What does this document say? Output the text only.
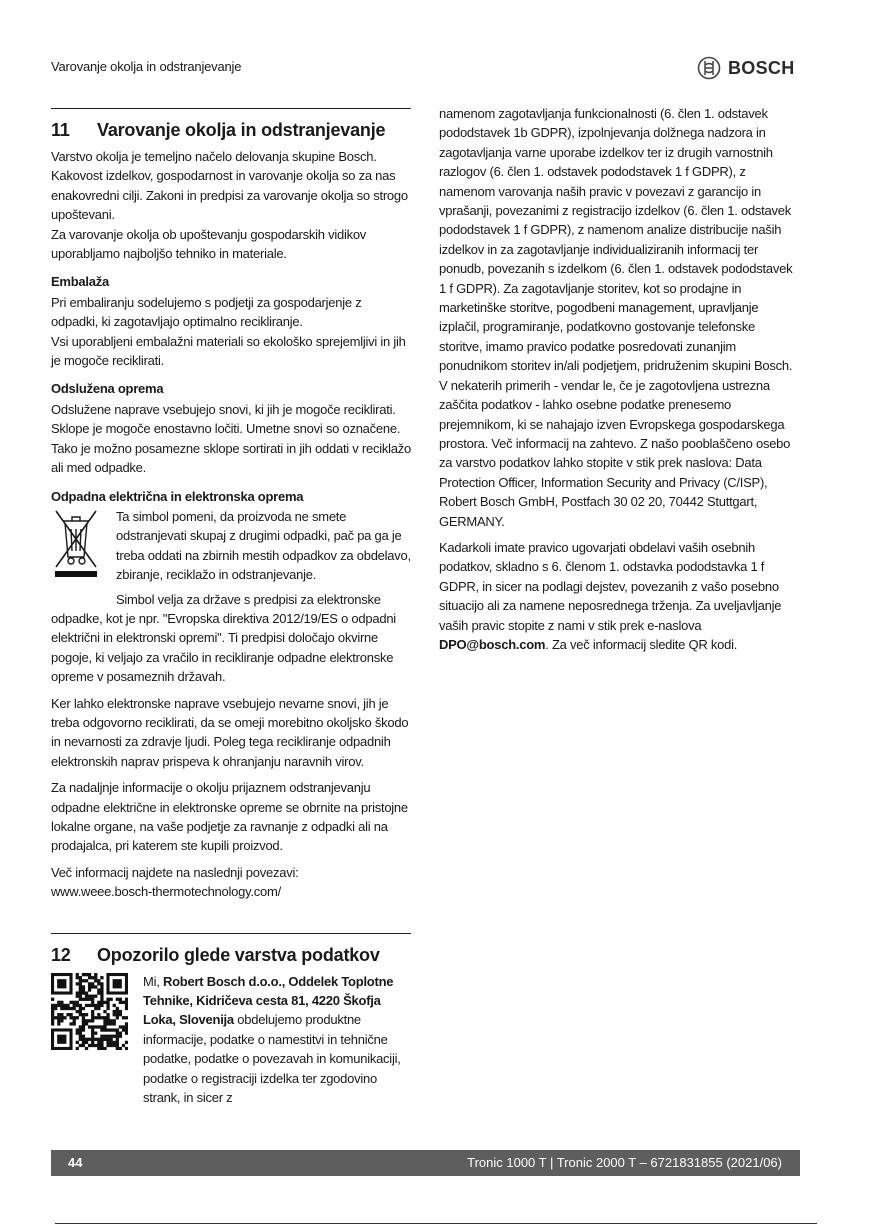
Varovanje okolja in odstranjevanje	BOSCH
11	Varovanje okolja in odstranjevanje

Varstvo okolja je temeljno načelo delovanja skupine Bosch. Kakovost izdelkov, gospodarnost in varovanje okolja so za nas enakovredni cilji. Zakoni in predpisi za varovanje okolja so strogo upoštevani.

Za varovanje okolja ob upoštevanju gospodarskih vidikov uporabljamo najboljšo tehniko in materiale.

Embalaža

Pri embaliranju sodelujemo s podjetji za gospodarjenje z odpadki, ki zagotavljajo optimalno recikliranje.

Vsi uporabljeni embalažni materiali so ekološko sprejemljivi in jih je mogoče reciklirati.

Odslužena oprema

Odslužene naprave vsebujejo snovi, ki jih je mogoče reciklirati. Sklope je mogoče enostavno ločiti. Umetne snovi so označene. Tako je možno posamezne sklope sortirati in jih oddati v reciklažo ali med odpadke.

Odpadna električna in elektronska oprema

Ta simbol pomeni, da proizvoda ne smete odstranjevati skupaj z drugimi odpadki, pač pa ga je treba oddati na zbirnih mestih odpadkov za obdelavo, zbiranje, reciklažo in odstranjevanje.

Simbol velja za države s predpisi za elektronske odpadke, kot je npr. "Evropska direktiva 2012/19/ES o odpadni električni in elektronski opremi". Ti predpisi določajo okvirne pogoje, ki veljajo za vračilo in recikliranje odpadne elektronske opreme v posameznih državah.

Ker lahko elektronske naprave vsebujejo nevarne snovi, jih je treba odgovorno reciklirati, da se omeji morebitno okoljsko škodo in nevarnosti za zdravje ljudi. Poleg tega recikliranje odpadnih elektronskih naprav prispeva k ohranjanju naravnih virov.

Za nadaljnje informacije o okolju prijaznem odstranjevanju odpadne električne in elektronske opreme se obrnite na pristojne lokalne organe, na vaše podjetje za ravnanje z odpadki ali na prodajalca, pri katerem ste kupili proizvod.

Več informacij najdete na naslednji povezavi:

www.weee.bosch-thermotechnology.com/

12	Opozorilo glede varstva podatkov

Mi, Robert Bosch d.o.o., Oddelek Toplotne Tehnike, Kidričeva cesta 81, 4220 Škofja Loka, Slovenija obdelujemo produktne informacije, podatke o namestitvi in tehnične podatke, podatke o povezavah in komunikaciji, podatke o registraciji izdelka ter zgodovino strank, in sicer z

namenom zagotavljanja funkcionalnosti (6. člen 1. odstavek pododstavek 1b GDPR), izpolnjevanja dolžnega nadzora in zagotavljanja varne uporabe izdelkov ter iz drugih varnostnih razlogov (6. člen 1. odstavek pododstavek 1 f GDPR), z namenom varovanja naših pravic v povezavi z garancijo in vprašanji, povezanimi z registracijo izdelkov (6. člen 1. odstavek pododstavek 1 f GDPR), z namenom analize distribucije naših izdelkov in za zagotavljanje individualiziranih informacij ter ponudb, povezanih s izdelkom (6. člen 1. odstavek pododstavek 1 f GDPR). Za zagotavljanje storitev, kot so prodajne in marketinške storitve, pogodbeni management, upravljanje izplačil, programiranje, podatkovno gostovanje telefonske storitve, imamo pravico podatke posredovati zunanjim ponudnikom storitev in/ali podjetjem, pridruženim skupini Bosch. V nekaterih primerih - vendar le, če je zagotovljena ustrezna zaščita podatkov - lahko osebne podatke prenesemo prejemnikom, ki se nahajajo izven Evropskega gospodarskega prostora. Več informacij na zahtevo. Z našo pooblaščeno osebo za varstvo podatkov lahko stopite v stik prek naslova: Data Protection Officer, Information Security and Privacy (C/ISP), Robert Bosch GmbH, Postfach 30 02 20, 70442 Stuttgart, GERMANY.

Kadarkoli imate pravico ugovarjati obdelavi vaših osebnih podatkov, skladno s 6. členom 1. odstavka pododstavka 1 f GDPR, in sicer na podlagi dejstev, povezanih z vašo posebno situacijo ali za namene neposrednega trženja. Za uveljavljanje vaših pravic stopite z nami v stik prek e-naslova DPO@bosch.com. Za več informacij sledite QR kodi.

44	Tronic 1000 T | Tronic 2000 T – 6721831855 (2021/06)
